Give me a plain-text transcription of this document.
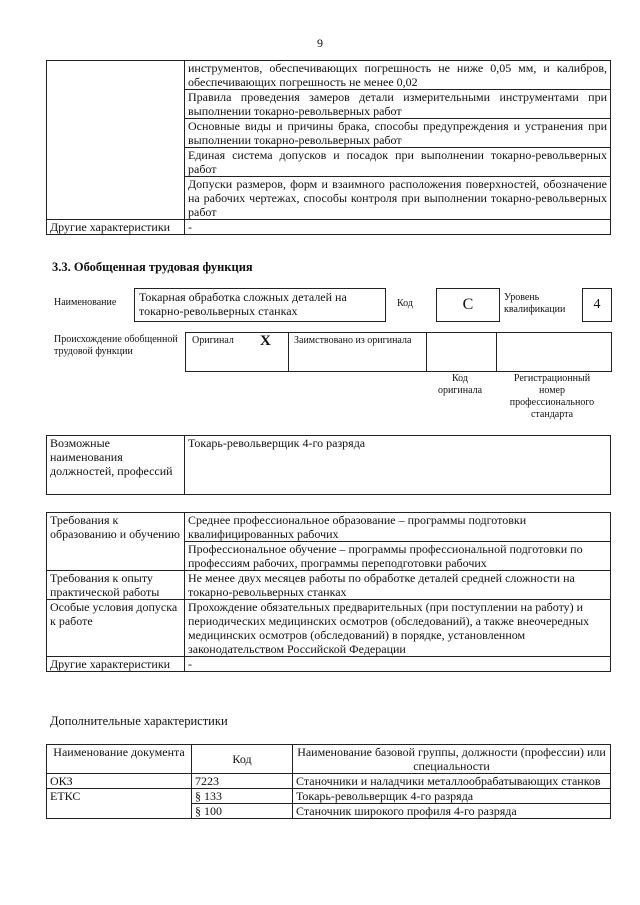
9
	инструментов, обеспечивающих погрешность не ниже 0,05 мм, и калибров, обеспечивающих погрешность не менее 0,02
	Правила проведения замеров детали измерительными инструментами при выполнении токарно-револьверных работ
	Основные виды и причины брака, способы предупреждения и устранения при выполнении токарно-револьверных работ
	Единая система допусков и посадок при выполнении токарно-револьверных работ
	Допуски размеров, форм и взаимного расположения поверхностей, обозначение на рабочих чертежах, способы контроля при выполнении токарно-револьверных работ
Другие характеристики	-
3.3. Обобщенная трудовая функция
Наименование	Токарная обработка сложных деталей на токарно-револьверных станках
Код	C	Уровень квалификации	4
Происхождение обобщенной трудовой функции
Оригинал X Заимствовано из оригинала
Код оригинала
Регистрационный номер профессионального стандарта
Возможные наименования должностей, профессий	Токарь-револьверщик 4-го разряда
Требования к образованию и обучению	Среднее профессиональное образование – программы подготовки квалифицированных рабочих
	Профессиональное обучение – программы профессиональной подготовки по профессиям рабочих, программы переподготовки рабочих
Требования к опыту практической работы	Не менее двух месяцев работы по обработке деталей средней сложности на токарно-револьверных станках
Особые условия допуска к работе	Прохождение обязательных предварительных (при поступлении на работу) и периодических медицинских осмотров (обследований), а также внеочередных медицинских осмотров (обследований) в порядке, установленном законодательством Российской Федерации
Другие характеристики	-
Дополнительные характеристики
Наименование документа	Код	Наименование базовой группы, должности (профессии) или специальности
ОКЗ	7223	Станочники и наладчики металлообрабатывающих станков
ЕТКС	§ 133	Токарь-револьверщик 4-го разряда
	§ 100	Станочник широкого профиля 4-го разряда
